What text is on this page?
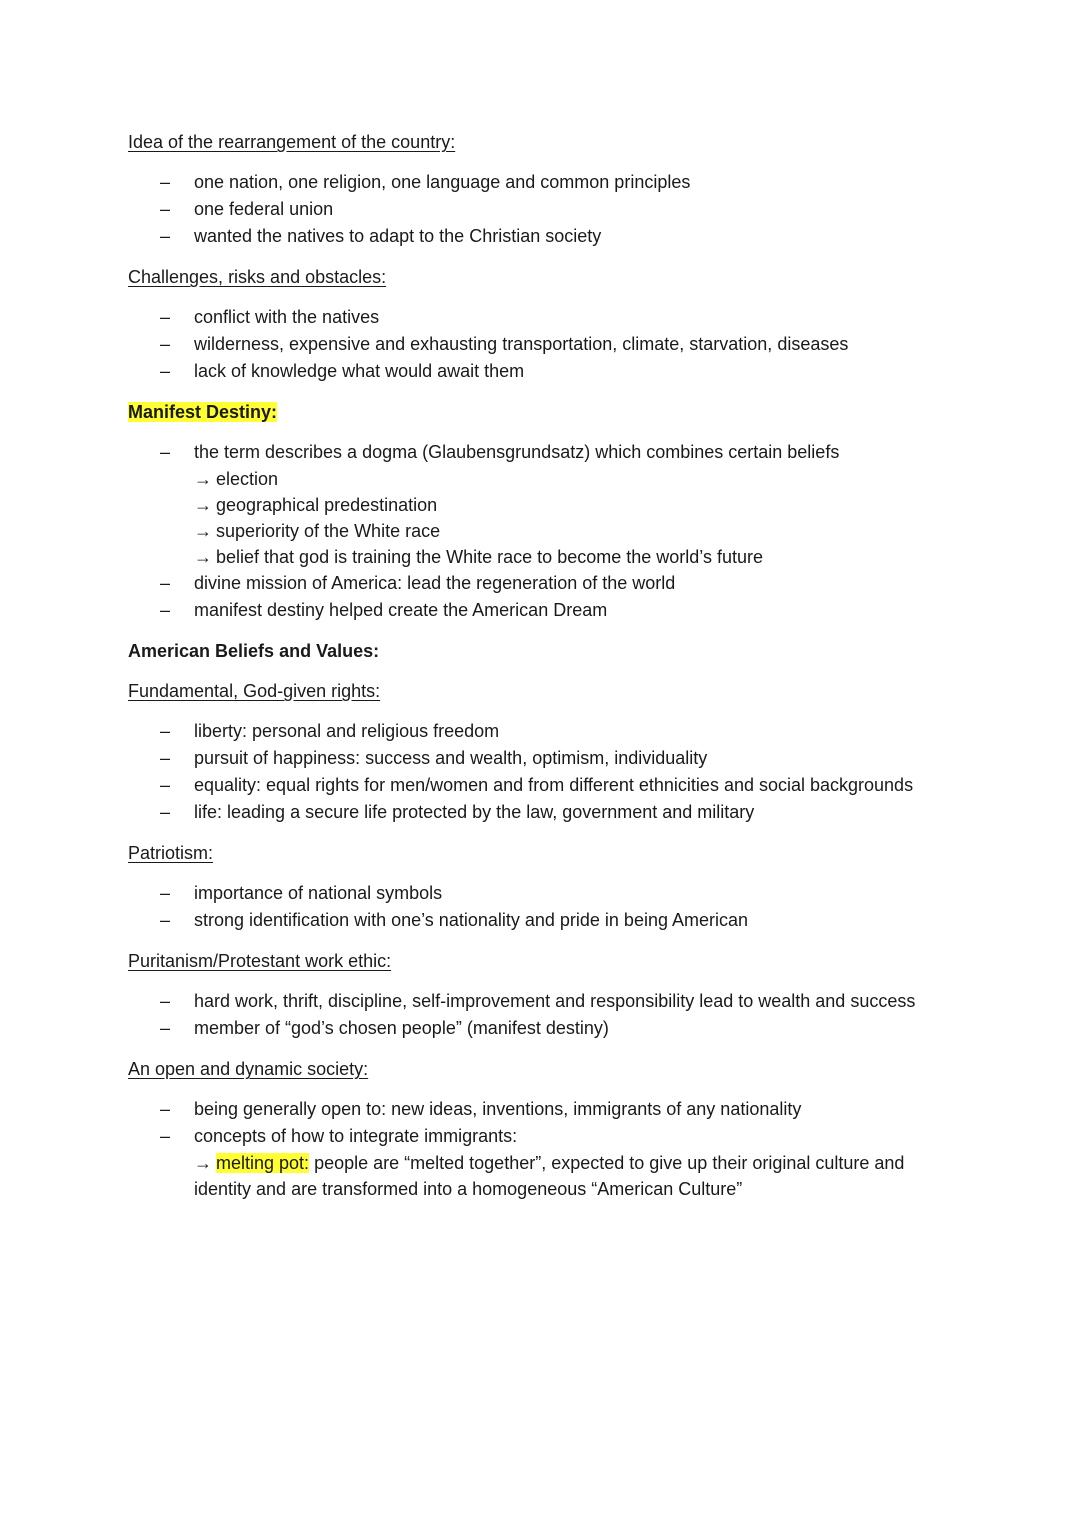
Idea of the rearrangement of the country:
– one nation, one religion, one language and common principles
– one federal union
– wanted the natives to adapt to the Christian society
Challenges, risks and obstacles:
– conflict with the natives
– wilderness, expensive and exhausting transportation, climate, starvation, diseases
– lack of knowledge what would await them
Manifest Destiny:
– the term describes a dogma (Glaubensgrundsatz) which combines certain beliefs
→ election
→ geographical predestination
→ superiority of the White race
→ belief that god is training the White race to become the world’s future
– divine mission of America: lead the regeneration of the world
– manifest destiny helped create the American Dream
American Beliefs and Values:
Fundamental, God-given rights:
– liberty: personal and religious freedom
– pursuit of happiness: success and wealth, optimism, individuality
– equality: equal rights for men/women and from different ethnicities and social backgrounds
– life: leading a secure life protected by the law, government and military
Patriotism:
– importance of national symbols
– strong identification with one’s nationality and pride in being American
Puritanism/Protestant work ethic:
– hard work, thrift, discipline, self-improvement and responsibility lead to wealth and success
– member of “god’s chosen people” (manifest destiny)
An open and dynamic society:
– being generally open to: new ideas, inventions, immigrants of any nationality
– concepts of how to integrate immigrants:
→ melting pot: people are “melted together”, expected to give up their original culture and
identity and are transformed into a homogeneous “American Culture”
